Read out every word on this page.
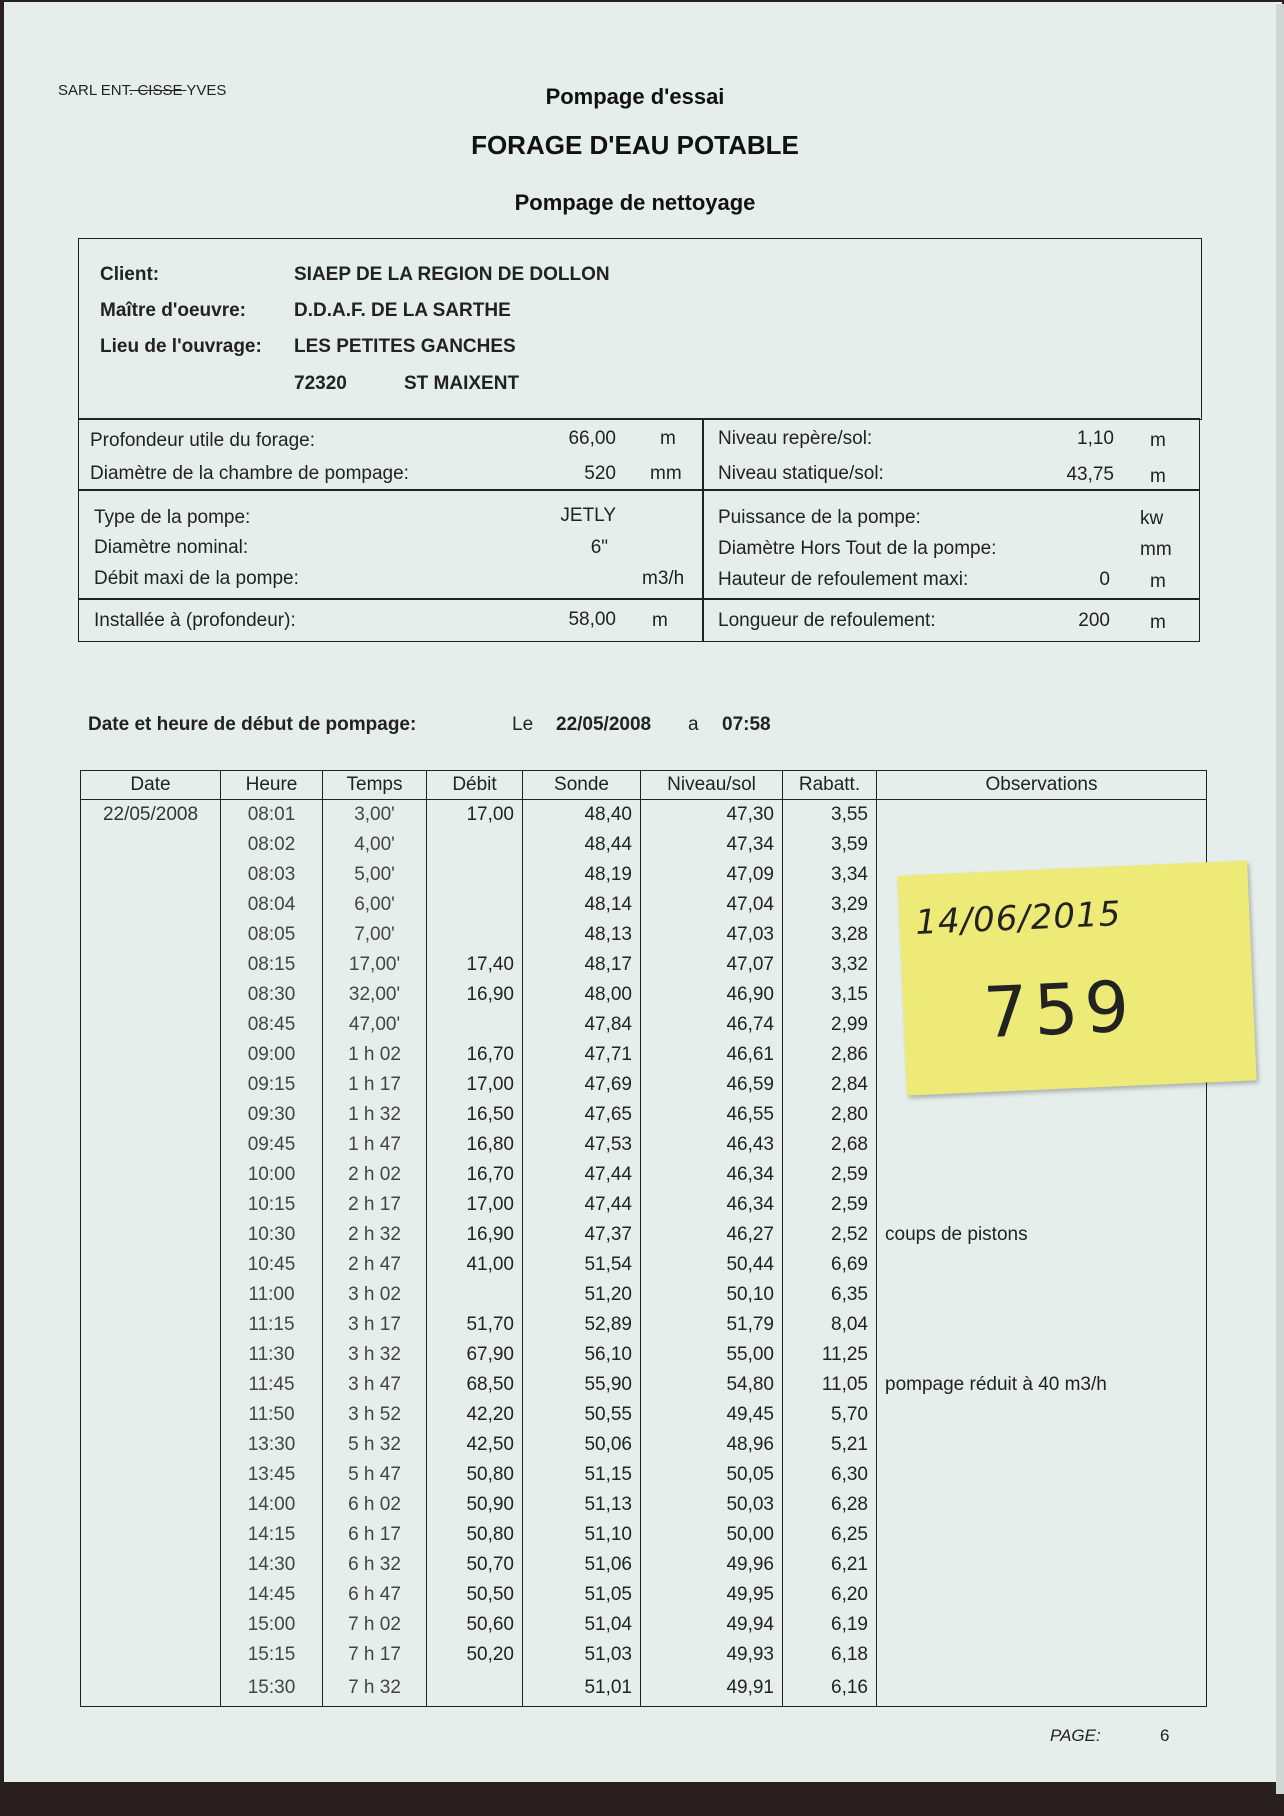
SARL ENT. CISSE YVES	Pompage d'essai
FORAGE D'EAU POTABLE
Pompage de nettoyage
Client:	SIAEP DE LA REGION DE DOLLON
Maître d'oeuvre:	D.D.A.F. DE LA SARTHE
Lieu de l'ouvrage: LES PETITES GANCHES
72320	ST MAIXENT
Profondeur utile du forage:	66,00 m
Diamètre de la chambre de pompage:	520 mm
Niveau repère/sol:	1,10 m
Niveau statique/sol:	43,75 m
Type de la pompe:	JETLY
Diamètre nominal:	6"
Débit maxi de la pompe:	m3/h
Puissance de la pompe:	kw
Diamètre Hors Tout de la pompe:	mm
Hauteur de refoulement maxi:	0 m
Installée à (profondeur):	58,00 m	Longueur de refoulement:	200 m
Date et heure de début de pompage:	Le 22/05/2008 a 07:58
Date	Heure	Temps	Débit	Sonde	Niveau/sol	Rabatt.	Observations
22/05/2008	08:01	3,00'	17,00	48,40	47,30	3,55	
	08:02	4,00'		48,44	47,34	3,59	
	08:03	5,00'		48,19	47,09	3,34	
	08:04	6,00'		48,14	47,04	3,29	
	08:05	7,00'		48,13	47,03	3,28	
	08:15	17,00'	17,40	48,17	47,07	3,32	
	08:30	32,00'	16,90	48,00	46,90	3,15	
	08:45	47,00'		47,84	46,74	2,99	
	09:00	1 h 02	16,70	47,71	46,61	2,86	
	09:15	1 h 17	17,00	47,69	46,59	2,84	
	09:30	1 h 32	16,50	47,65	46,55	2,80	
	09:45	1 h 47	16,80	47,53	46,43	2,68	
	10:00	2 h 02	16,70	47,44	46,34	2,59	
	10:15	2 h 17	17,00	47,44	46,34	2,59	
	10:30	2 h 32	16,90	47,37	46,27	2,52	coups de pistons
	10:45	2 h 47	41,00	51,54	50,44	6,69	
	11:00	3 h 02		51,20	50,10	6,35	
	11:15	3 h 17	51,70	52,89	51,79	8,04	
	11:30	3 h 32	67,90	56,10	55,00	11,25	
	11:45	3 h 47	68,50	55,90	54,80	11,05	pompage réduit à 40 m3/h
	11:50	3 h 52	42,20	50,55	49,45	5,70	
	13:30	5 h 32	42,50	50,06	48,96	5,21	
	13:45	5 h 47	50,80	51,15	50,05	6,30	
	14:00	6 h 02	50,90	51,13	50,03	6,28	
	14:15	6 h 17	50,80	51,10	50,00	6,25	
	14:30	6 h 32	50,70	51,06	49,96	6,21	
	14:45	6 h 47	50,50	51,05	49,95	6,20	
	15:00	7 h 02	50,60	51,04	49,94	6,19	
	15:15	7 h 17	50,20	51,03	49,93	6,18	
	15:30	7 h 32		51,01	49,91	6,16	
14/06/2015
759
PAGE:	6
